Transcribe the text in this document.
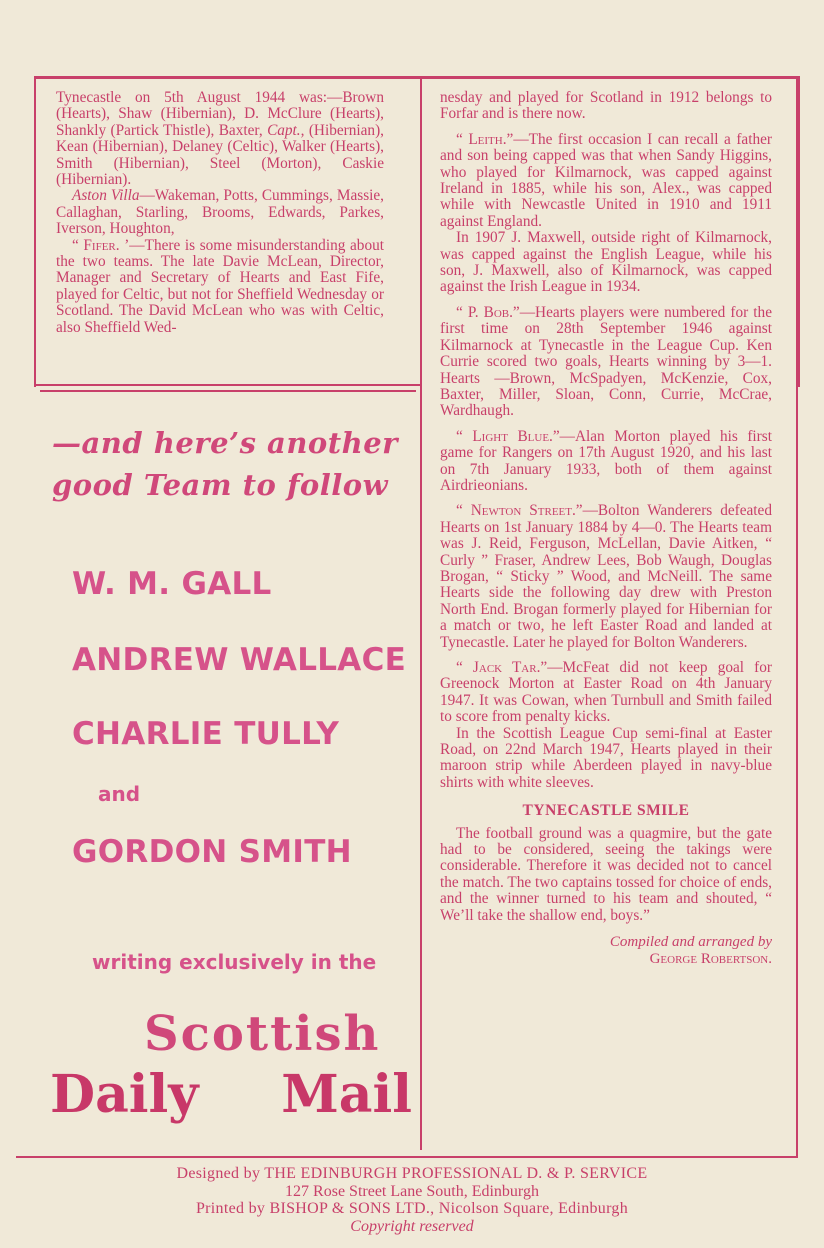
Tynecastle on 5th August 1944 was:—Brown (Hearts), Shaw (Hibernian), D. McClure (Hearts), Shankly (Partick Thistle), Baxter, Capt., (Hibernian), Kean (Hibernian), Delaney (Celtic), Walker (Hearts), Smith (Hibernian), Steel (Morton), Caskie (Hibernian).

Aston Villa—Wakeman, Potts, Cummings, Massie, Callaghan, Starling, Brooms, Edwards, Parkes, Iverson, Houghton,

“ Fifer. ’—There is some misunderstanding about the two teams. The late Davie McLean, Director, Manager and Secretary of Hearts and East Fife, played for Celtic, but not for Sheffield Wednesday or Scotland. The David McLean who was with Celtic, also Sheffield Wed-

nesday and played for Scotland in 1912 belongs to Forfar and is there now.

“ Leith.”—The first occasion I can recall a father and son being capped was that when Sandy Higgins, who played for Kilmarnock, was capped against Ireland in 1885, while his son, Alex., was capped while with Newcastle United in 1910 and 1911 against England.

In 1907 J. Maxwell, outside right of Kilmarnock, was capped against the English League, while his son, J. Maxwell, also of Kilmarnock, was capped against the Irish League in 1934.

“ P. Bob.”—Hearts players were numbered for the first time on 28th September 1946 against Kilmarnock at Tynecastle in the League Cup. Ken Currie scored two goals, Hearts winning by 3—1. Hearts —Brown, McSpadyen, McKenzie, Cox, Baxter, Miller, Sloan, Conn, Currie, McCrae, Wardhaugh.

“ Light Blue.”—Alan Morton played his first game for Rangers on 17th August 1920, and his last on 7th January 1933, both of them against Airdrieonians.

“ Newton Street.”—Bolton Wanderers defeated Hearts on 1st January 1884 by 4—0. The Hearts team was J. Reid, Ferguson, McLellan, Davie Aitken, “ Curly ” Fraser, Andrew Lees, Bob Waugh, Douglas Brogan, “ Sticky ” Wood, and McNeill. The same Hearts side the following day drew with Preston North End. Brogan formerly played for Hibernian for a match or two, he left Easter Road and landed at Tynecastle. Later he played for Bolton Wanderers.

“ Jack Tar.”—McFeat did not keep goal for Greenock Morton at Easter Road on 4th January 1947. It was Cowan, when Turnbull and Smith failed to score from penalty kicks.

In the Scottish League Cup semi-final at Easter Road, on 22nd March 1947, Hearts played in their maroon strip while Aberdeen played in navy-blue shirts with white sleeves.

TYNECASTLE SMILE

The football ground was a quagmire, but the gate had to be considered, seeing the takings were considerable. Therefore it was decided not to cancel the match. The two captains tossed for choice of ends, and the winner turned to his team and shouted, “ We’ll take the shallow end, boys.”

Compiled and arranged by
George Robertson.
—and here’s another
good Team to follow
W. M. GALL
ANDREW WALLACE
CHARLIE TULLY
and
GORDON SMITH
writing exclusively in the
Scottish
Daily Mail
Designed by THE EDINBURGH PROFESSIONAL D. & P. SERVICE
127 Rose Street Lane South, Edinburgh
Printed by BISHOP & SONS LTD., Nicolson Square, Edinburgh
Copyright reserved
